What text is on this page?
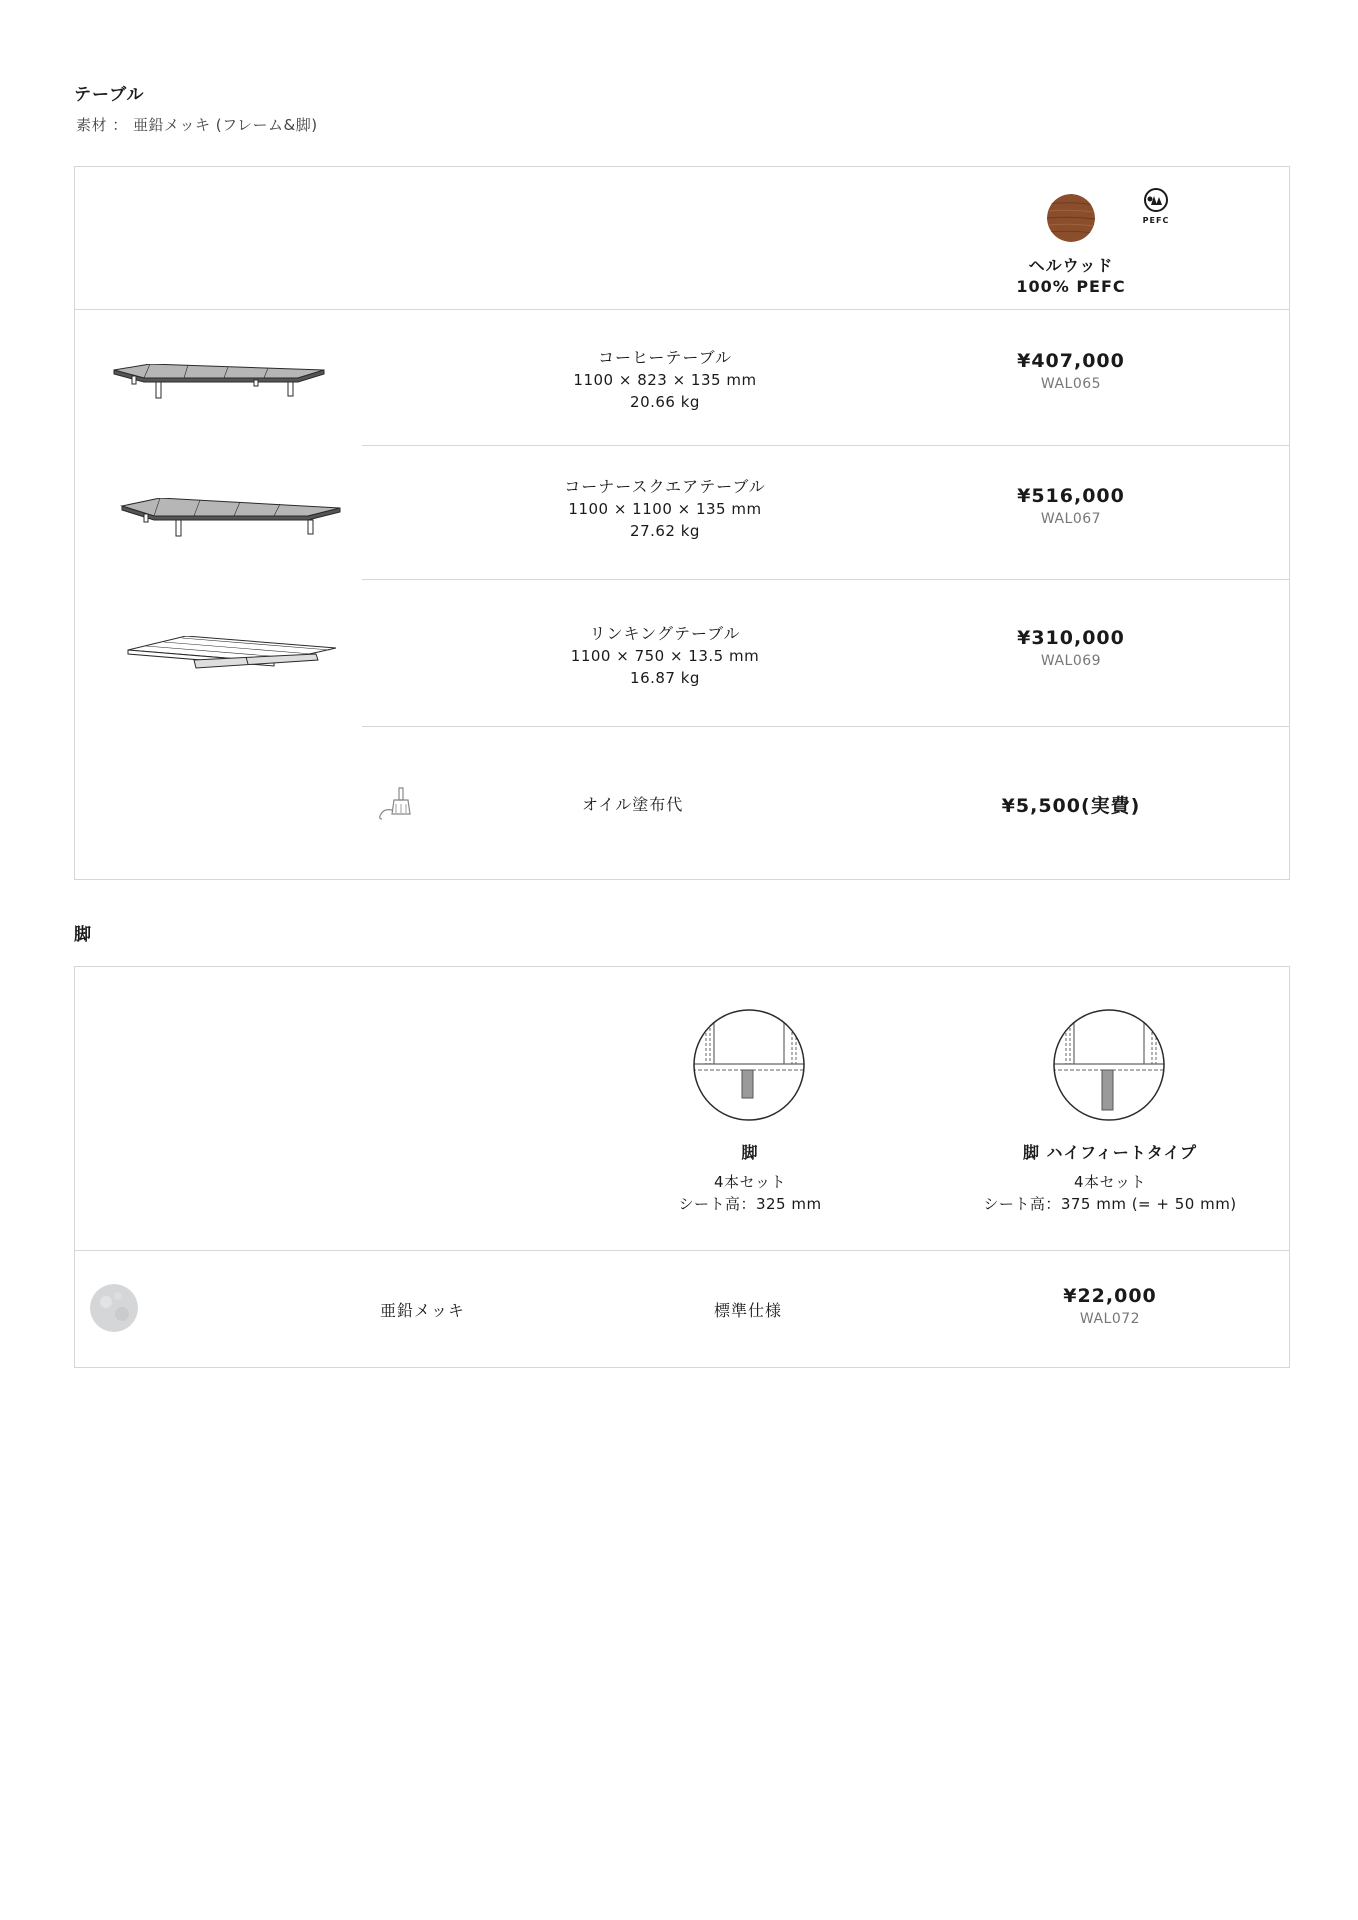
テーブル
素材 ： 亜鉛メッキ (フレーム&脚)
PEFC
ヘルウッド
100% PEFC
コーヒーテーブル
1100 × 823 × 135 mm
20.66 kg
¥407,000
WAL065
コーナースクエアテーブル
1100 × 1100 × 135 mm
27.62 kg
¥516,000
WAL067
リンキングテーブル
1100 × 750 × 13.5 mm
16.87 kg
¥310,000
WAL069
オイル塗布代	¥5,500(実費)
脚
脚
4本セット
シート高：325 mm
脚 ハイフィートタイプ
4本セット
シート高：375 mm (= + 50 mm)
亜鉛メッキ	標準仕様
¥22,000
WAL072
